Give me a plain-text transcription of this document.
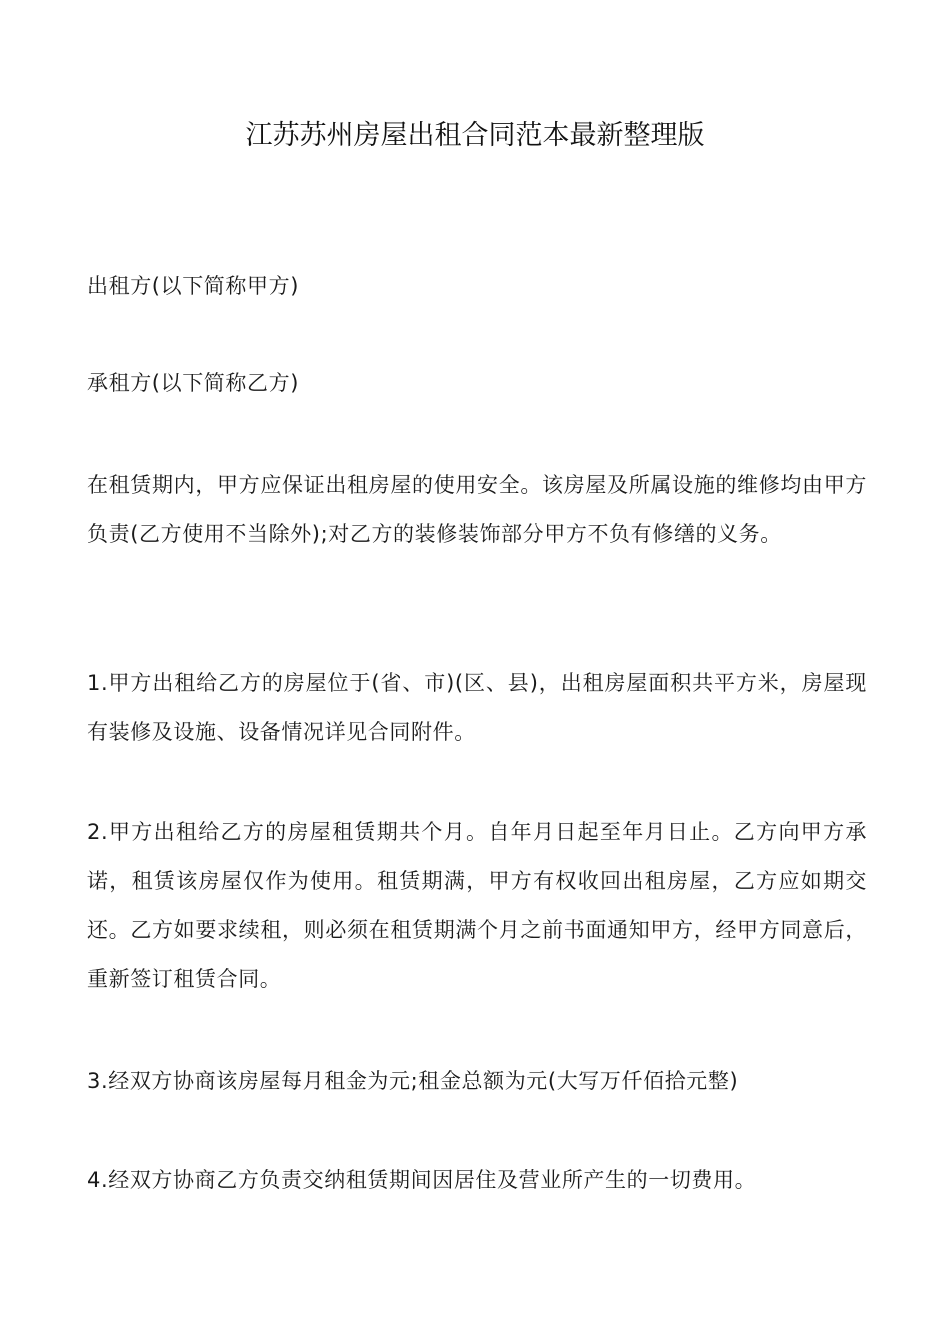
江苏苏州房屋出租合同范本最新整理版

出租方(以下简称甲方)

承租方(以下简称乙方)

在租赁期内，甲方应保证出租房屋的使用安全。该房屋及所属设施的维修均由甲方负责(乙方使用不当除外);对乙方的装修装饰部分甲方不负有修缮的义务。

1.甲方出租给乙方的房屋位于(省、市)(区、县)，出租房屋面积共平方米，房屋现有装修及设施、设备情况详见合同附件。

2.甲方出租给乙方的房屋租赁期共个月。自年月日起至年月日止。乙方向甲方承诺，租赁该房屋仅作为使用。租赁期满，甲方有权收回出租房屋，乙方应如期交还。乙方如要求续租，则必须在租赁期满个月之前书面通知甲方，经甲方同意后，重新签订租赁合同。

3.经双方协商该房屋每月租金为元;租金总额为元(大写万仟佰拾元整)

4.经双方协商乙方负责交纳租赁期间因居住及营业所产生的一切费用。
